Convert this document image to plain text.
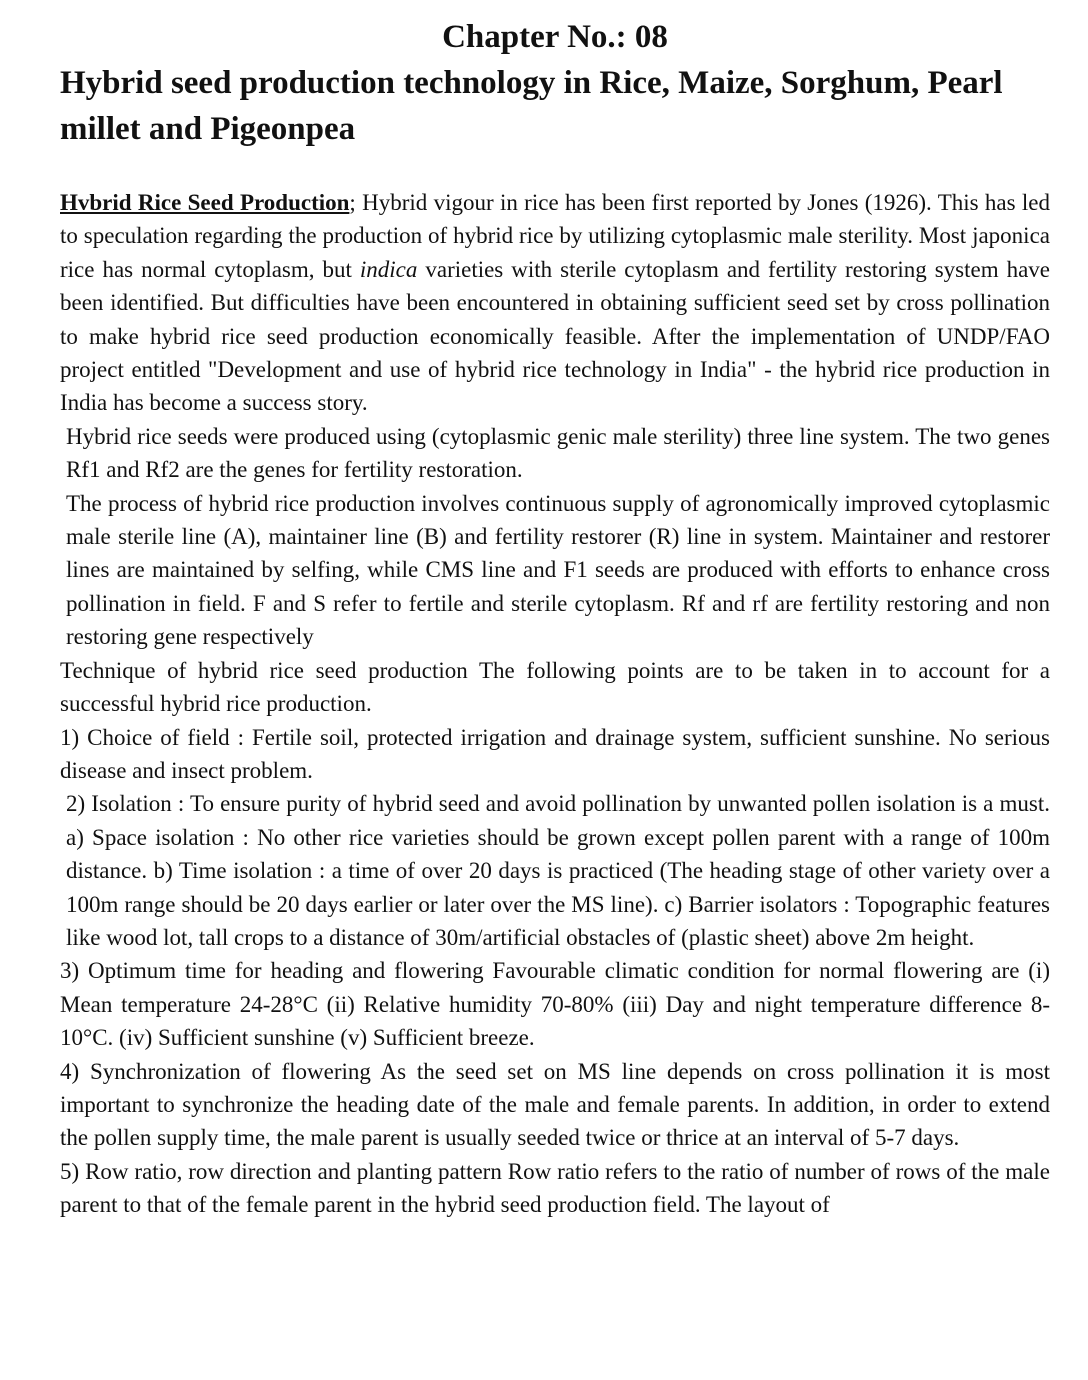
Chapter No.: 08
Hybrid seed production technology in Rice, Maize, Sorghum, Pearl millet and Pigeonpea

Hvbrid Rice Seed Production; Hybrid vigour in rice has been first reported by Jones (1926). This has led to speculation regarding the production of hybrid rice by utilizing cytoplasmic male sterility. Most japonica rice has normal cytoplasm, but indica varieties with sterile cytoplasm and fertility restoring system have been identified. But difficulties have been encountered in obtaining sufficient seed set by cross pollination to make hybrid rice seed production economically feasible. After the implementation of UNDP/FAO project entitled "Development and use of hybrid rice technology in India" - the hybrid rice production in India has become a success story.

Hybrid rice seeds were produced using (cytoplasmic genic male sterility) three line system. The two genes Rf1 and Rf2 are the genes for fertility restoration.

The process of hybrid rice production involves continuous supply of agronomically improved cytoplasmic male sterile line (A), maintainer line (B) and fertility restorer (R) line in system. Maintainer and restorer lines are maintained by selfing, while CMS line and F1 seeds are produced with efforts to enhance cross pollination in field. F and S refer to fertile and sterile cytoplasm. Rf and rf are fertility restoring and non restoring gene respectively

Technique of hybrid rice seed production The following points are to be taken in to account for a successful hybrid rice production.

1) Choice of field : Fertile soil, protected irrigation and drainage system, sufficient sunshine. No serious disease and insect problem.

2) Isolation : To ensure purity of hybrid seed and avoid pollination by unwanted pollen isolation is a must. a) Space isolation : No other rice varieties should be grown except pollen parent with a range of 100m distance. b) Time isolation : a time of over 20 days is practiced (The heading stage of other variety over a 100m range should be 20 days earlier or later over the MS line). c) Barrier isolators : Topographic features like wood lot, tall crops to a distance of 30m/artificial obstacles of (plastic sheet) above 2m height.

3) Optimum time for heading and flowering Favourable climatic condition for normal flowering are (i) Mean temperature 24-28°C (ii) Relative humidity 70-80% (iii) Day and night temperature difference 8-10°C. (iv) Sufficient sunshine (v) Sufficient breeze.

4) Synchronization of flowering As the seed set on MS line depends on cross pollination it is most important to synchronize the heading date of the male and female parents. In addition, in order to extend the pollen supply time, the male parent is usually seeded twice or thrice at an interval of 5-7 days.

5) Row ratio, row direction and planting pattern Row ratio refers to the ratio of number of rows of the male parent to that of the female parent in the hybrid seed production field. The layout of
